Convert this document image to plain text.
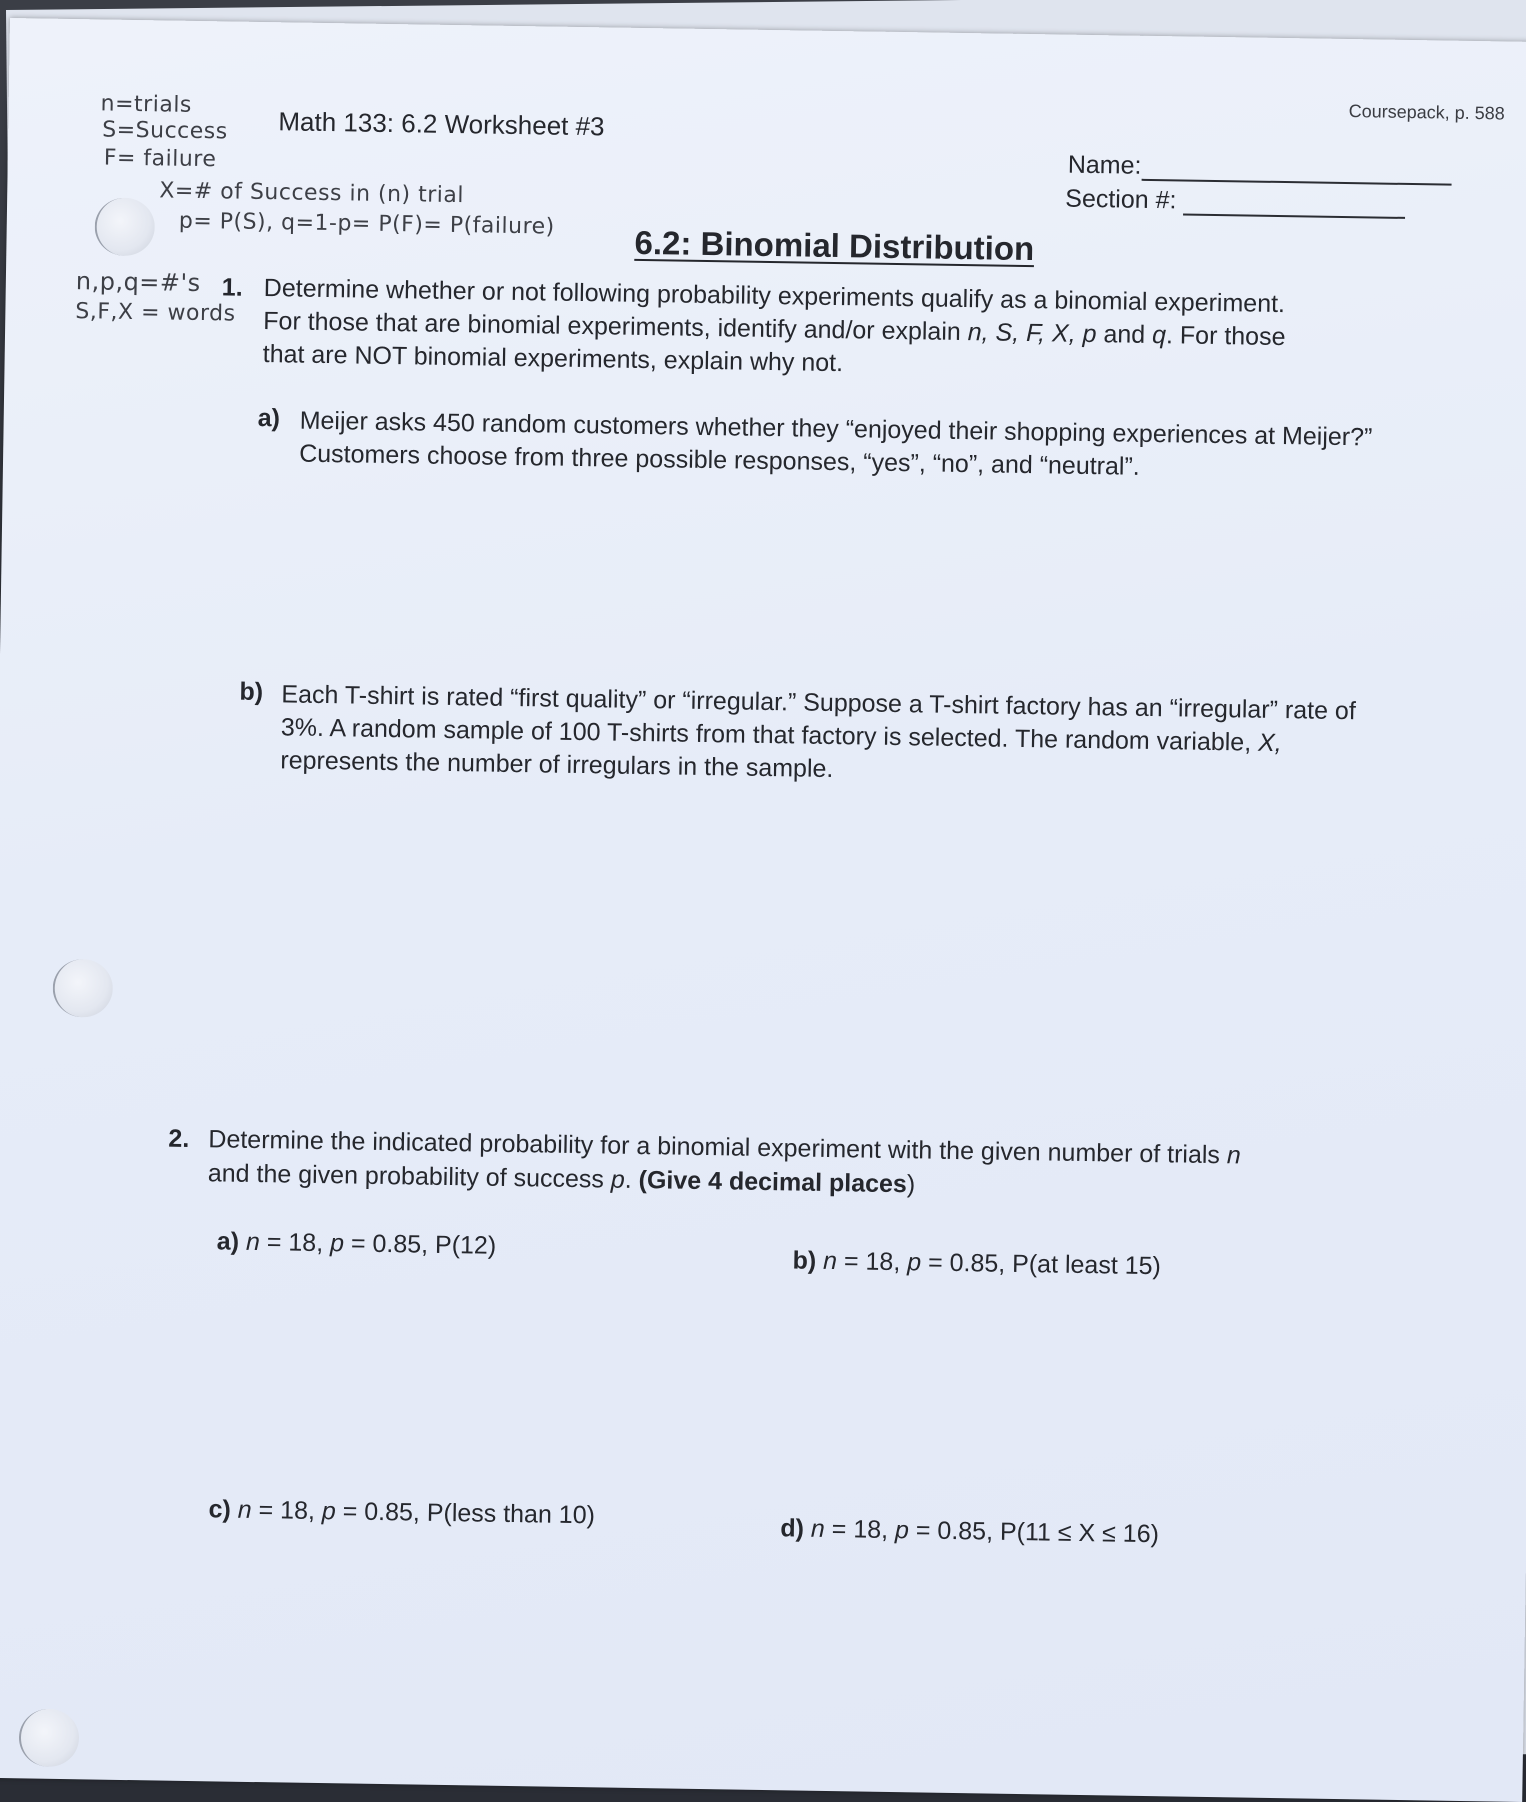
Coursepack, p. 588
n=trials
S=Success
F= failure
X=# of Success in (n) trial
p= P(S), q=1-p= P(F)= P(failure)
n,p,q=#'s
S,F,X = words
Math 133: 6.2 Worksheet #3
Name:
Section #:
6.2: Binomial Distribution
1. Determine whether or not following probability experiments qualify as a binomial experiment.
For those that are binomial experiments, identify and/or explain n, S, F, X, p and q. For those
that are NOT binomial experiments, explain why not.
a) Meijer asks 450 random customers whether they “enjoyed their shopping experiences at Meijer?” Customers choose from three possible responses, “yes”, “no”, and “neutral”.
b) Each T-shirt is rated “first quality” or “irregular.” Suppose a T-shirt factory has an “irregular” rate of 3%. A random sample of 100 T-shirts from that factory is selected. The random variable, X, represents the number of irregulars in the sample.
2. Determine the indicated probability for a binomial experiment with the given number of trials n
and the given probability of success p. (Give 4 decimal places)
a) n = 18, p = 0.85, P(12)
b) n = 18, p = 0.85, P(at least 15)
c) n = 18, p = 0.85, P(less than 10)	d) n = 18, p = 0.85, P(11 ≤ X ≤ 16)
